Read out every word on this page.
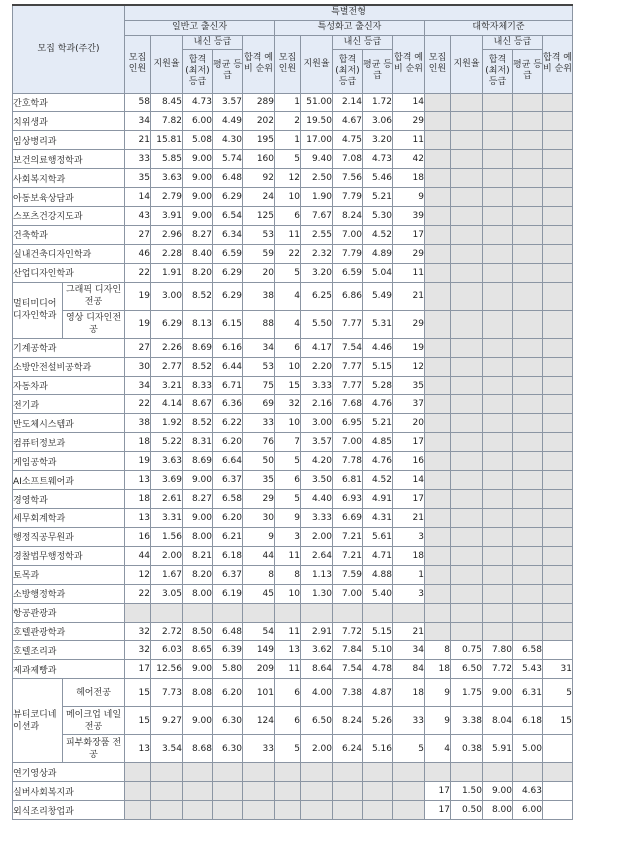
모집 학과(주간)		특별전형														
		일반고 출신자					특성화고 출신자					대학자체기준				
		모집 인원	지원율	내신 등급		합격 예비 순위	모집 인원	지원율	내신 등급		합격 예비 순위	모집 인원	지원율	내신 등급		합격 예비 순위
				합격 (최저) 등급	평균 등급				합격 (최저) 등급	평균 등급				합격 (최저) 등급	평균 등급	
간호학과		58	8.45	4.73	3.57	289	1	51.00	2.14	1.72	14					
치위생과		34	7.82	6.00	4.49	202	2	19.50	4.67	3.06	29					
임상병리과		21	15.81	5.08	4.30	195	1	17.00	4.75	3.20	11					
보건의료행정학과		33	5.85	9.00	5.74	160	5	9.40	7.08	4.73	42					
사회복지학과		35	3.63	9.00	6.48	92	12	2.50	7.56	5.46	18					
아동보육상담과		14	2.79	9.00	6.29	24	10	1.90	7.79	5.21	9					
스포츠건강지도과		43	3.91	9.00	6.54	125	6	7.67	8.24	5.30	39					
건축학과		27	2.96	8.27	6.34	53	11	2.55	7.00	4.52	17					
실내건축디자인학과		46	2.28	8.40	6.59	59	22	2.32	7.79	4.89	29					
산업디자인학과		22	1.91	8.20	6.29	20	5	3.20	6.59	5.04	11					
멀티미디어디자인학과	그래픽 디자인전공	19	3.00	8.52	6.29	38	4	6.25	6.86	5.49	21					
	영상 디자인전공	19	6.29	8.13	6.15	88	4	5.50	7.77	5.31	29					
기계공학과		27	2.26	8.69	6.16	34	6	4.17	7.54	4.46	19					
소방안전설비공학과		30	2.77	8.52	6.44	53	10	2.20	7.77	5.15	12					
자동차과		34	3.21	8.33	6.71	75	15	3.33	7.77	5.28	35					
전기과		22	4.14	8.67	6.36	69	32	2.16	7.68	4.76	37					
반도체시스템과		38	1.92	8.52	6.22	33	10	3.00	6.95	5.21	20					
컴퓨터정보과		18	5.22	8.31	6.20	76	7	3.57	7.00	4.85	17					
게임공학과		19	3.63	8.69	6.64	50	5	4.20	7.78	4.76	16					
AI소프트웨어과		13	3.69	9.00	6.37	35	6	3.50	6.81	4.52	14					
경영학과		18	2.61	8.27	6.58	29	5	4.40	6.93	4.91	17					
세무회계학과		13	3.31	9.00	6.20	30	9	3.33	6.69	4.31	21					
행정직공무원과		16	1.56	8.00	6.21	9	3	2.00	7.21	5.61	3					
경찰법무행정학과		44	2.00	8.21	6.18	44	11	2.64	7.21	4.71	18					
토목과		12	1.67	8.20	6.37	8	8	1.13	7.59	4.88	1					
소방행정학과		22	3.05	8.00	6.19	45	10	1.30	7.00	5.40	3					
항공관광과																
호텔관광학과		32	2.72	8.50	6.48	54	11	2.91	7.72	5.15	21					
호텔조리과		32	6.03	8.65	6.39	149	13	3.62	7.84	5.10	34	8	0.75	7.80	6.58	
제과제빵과		17	12.56	9.00	5.80	209	11	8.64	7.54	4.78	84	18	6.50	7.72	5.43	31
뷰티코디네이션과	헤어전공	15	7.73	8.08	6.20	101	6	4.00	7.38	4.87	18	9	1.75	9.00	6.31	5
	메이크업 네일전공	15	9.27	9.00	6.30	124	6	6.50	8.24	5.26	33	9	3.38	8.04	6.18	15
	피부화장품 전공	13	3.54	8.68	6.30	33	5	2.00	6.24	5.16	5	4	0.38	5.91	5.00	
연기영상과																
실버사회복지과												17	1.50	9.00	4.63	
외식조리창업과												17	0.50	8.00	6.00	
